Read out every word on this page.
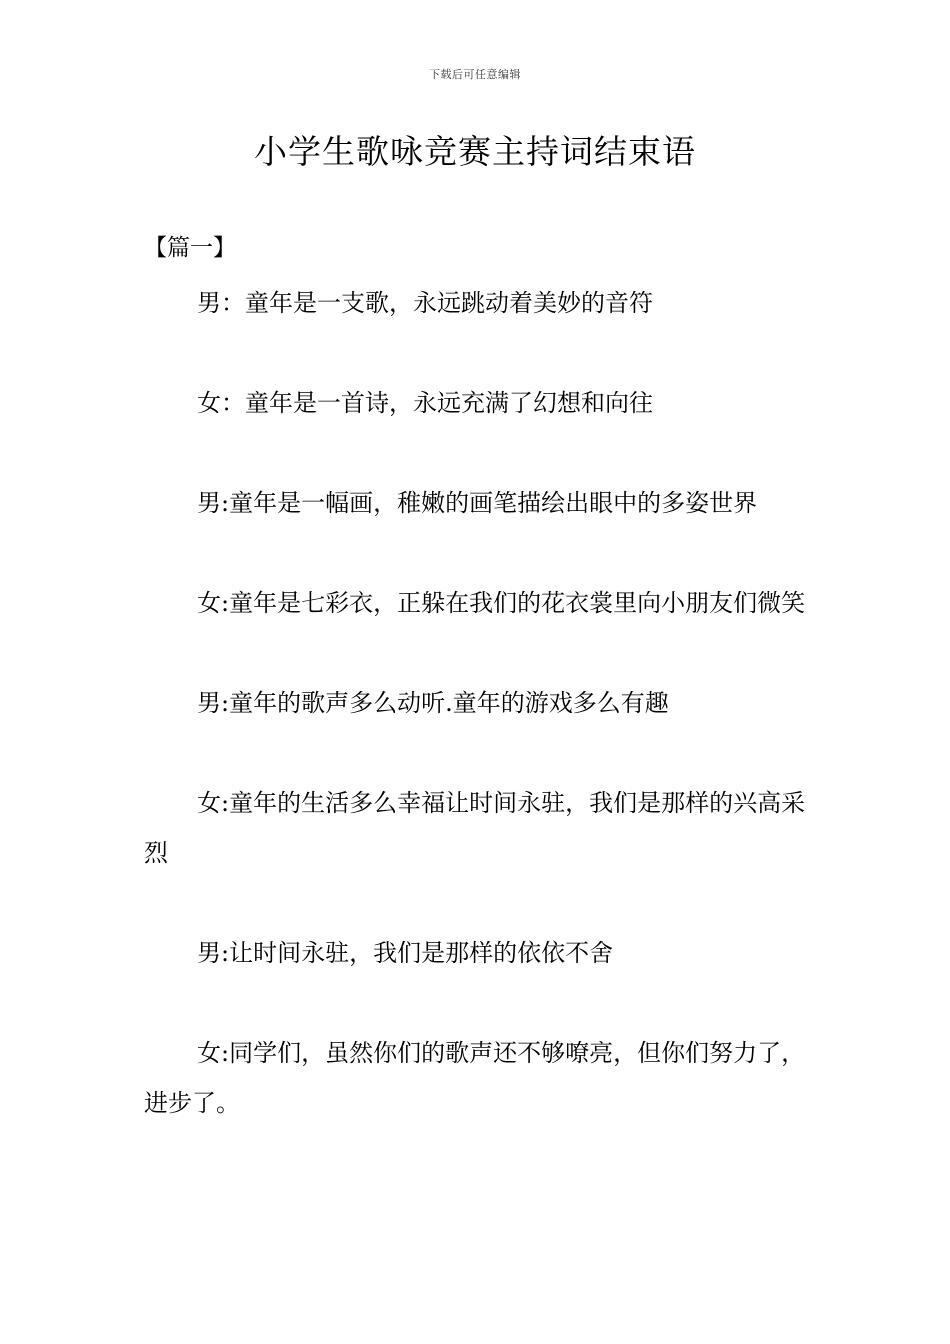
下载后可任意编辑
小学生歌咏竞赛主持词结束语
【篇一】

男：童年是一支歌，永远跳动着美妙的音符

女：童年是一首诗，永远充满了幻想和向往

男:童年是一幅画，稚嫩的画笔描绘出眼中的多姿世界

女:童年是七彩衣，正躲在我们的花衣裳里向小朋友们微笑

男:童年的歌声多么动听.童年的游戏多么有趣

女:童年的生活多么幸福让时间永驻，我们是那样的兴高采烈

男:让时间永驻，我们是那样的依依不舍

女:同学们，虽然你们的歌声还不够嘹亮，但你们努力了，进步了。
